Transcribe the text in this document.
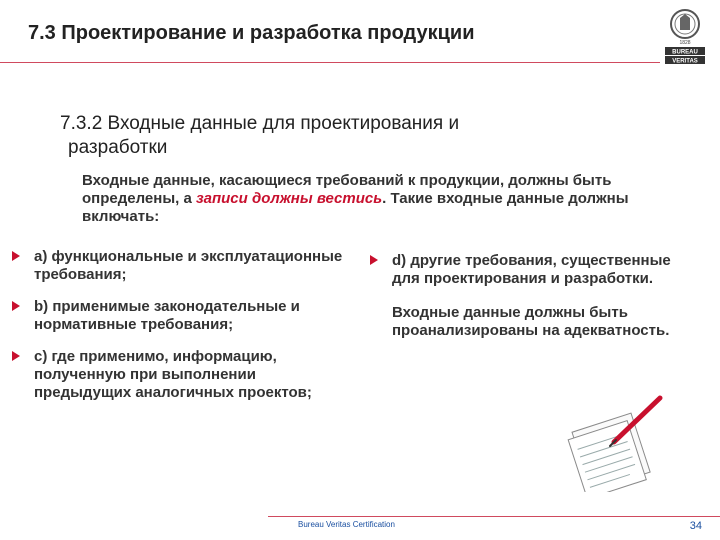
7.3 Проектирование и разработка продукции	1828
BUREAU
VERITAS
7.3.2 Входные данные для проектирования и
разработки
Входные данные, касающиеся требований к продукции, должны быть определены, а записи должны вестись. Такие входные данные должны включать:
a) функциональные и эксплуатационные требования;
b) применимые законодательные и нормативные требования;
c) где применимо, информацию, полученную при выполнении предыдущих аналогичных проектов;
d) другие требования, существенные для проектирования и разработки.
Входные данные должны быть проанализированы на адекватность.
Bureau Veritas Certification	34
